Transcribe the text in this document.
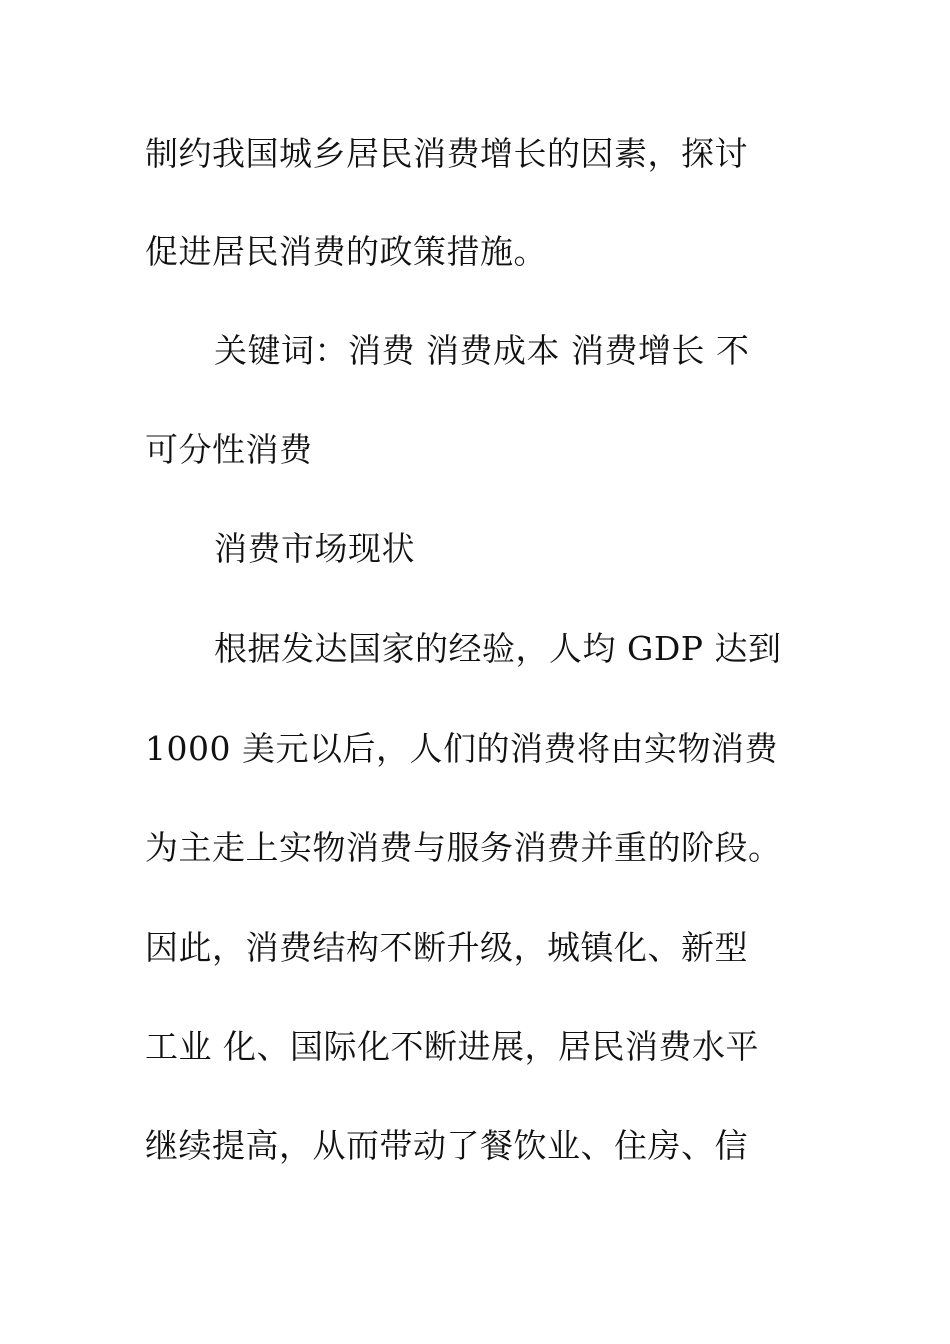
制约我国城乡居民消费增长的因素，探讨
促进居民消费的政策措施。
关键词：消费 消费成本 消费增长 不
可分性消费
消费市场现状
根据发达国家的经验，人均 GDP 达到
1000 美元以后，人们的消费将由实物消费
为主走上实物消费与服务消费并重的阶段。
因此，消费结构不断升级，城镇化、新型
工业 化、国际化不断进展，居民消费水平
继续提高，从而带动了餐饮业、住房、信
